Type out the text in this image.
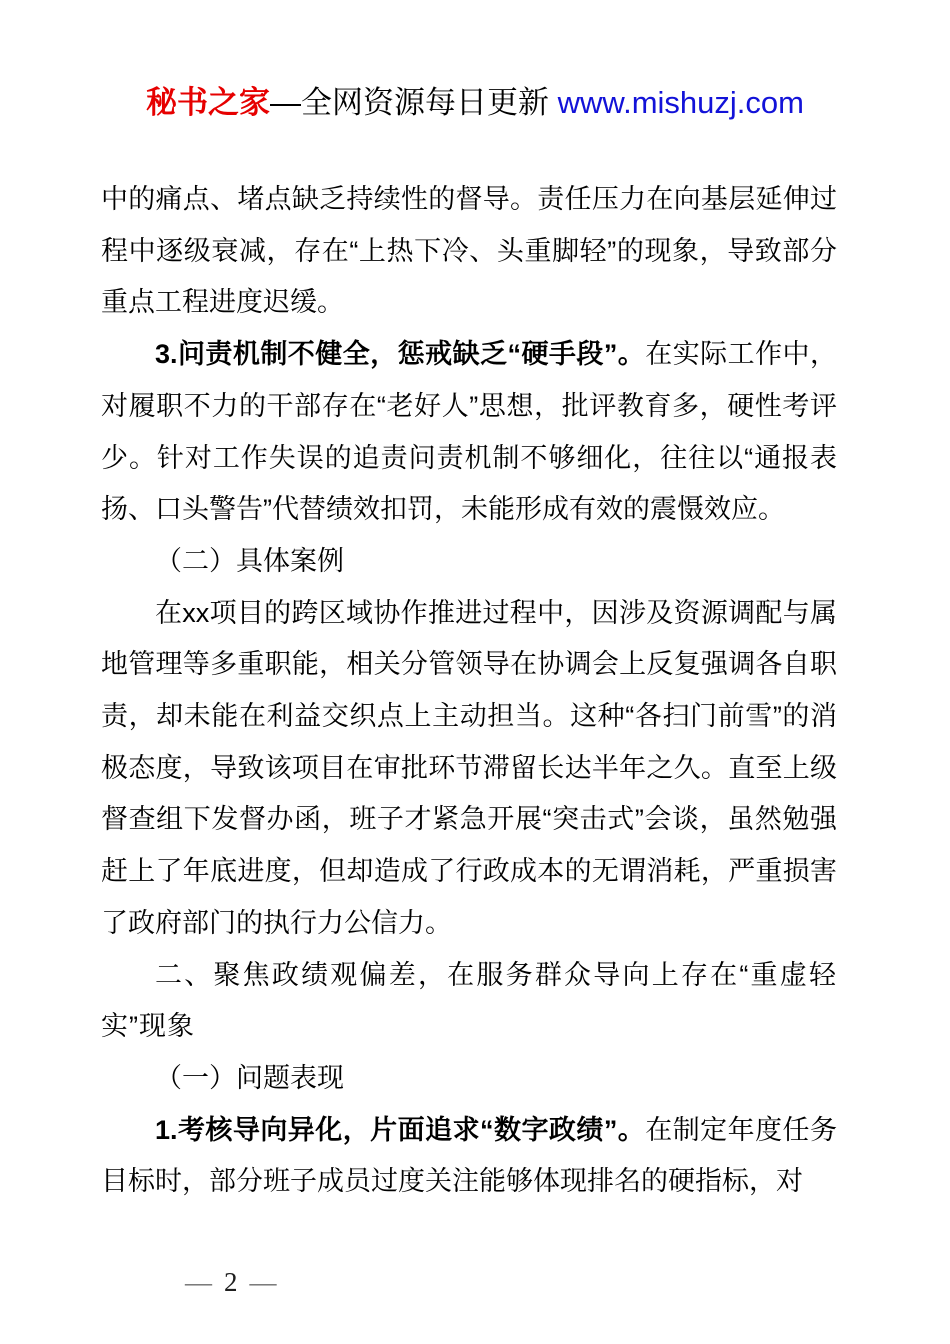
秘书之家—全网资源每日更新 www.mishuzj.com

中的痛点、堵点缺乏持续性的督导。责任压力在向基层延伸过程中逐级衰减，存在“上热下冷、头重脚轻”的现象，导致部分重点工程进度迟缓。

3.问责机制不健全，惩戒缺乏“硬手段”。在实际工作中，对履职不力的干部存在“老好人”思想，批评教育多，硬性考评少。针对工作失误的追责问责机制不够细化，往往以“通报表扬、口头警告”代替绩效扣罚，未能形成有效的震慑效应。

（二）具体案例

在xx项目的跨区域协作推进过程中，因涉及资源调配与属地管理等多重职能，相关分管领导在协调会上反复强调各自职责，却未能在利益交织点上主动担当。这种“各扫门前雪”的消极态度，导致该项目在审批环节滞留长达半年之久。直至上级督查组下发督办函，班子才紧急开展“突击式”会谈，虽然勉强赶上了年底进度，但却造成了行政成本的无谓消耗，严重损害了政府部门的执行力公信力。

二、聚焦政绩观偏差，在服务群众导向上存在“重虚轻实”现象

（一）问题表现

1.考核导向异化，片面追求“数字政绩”。在制定年度任务目标时，部分班子成员过度关注能够体现排名的硬指标，对

— 2 —
